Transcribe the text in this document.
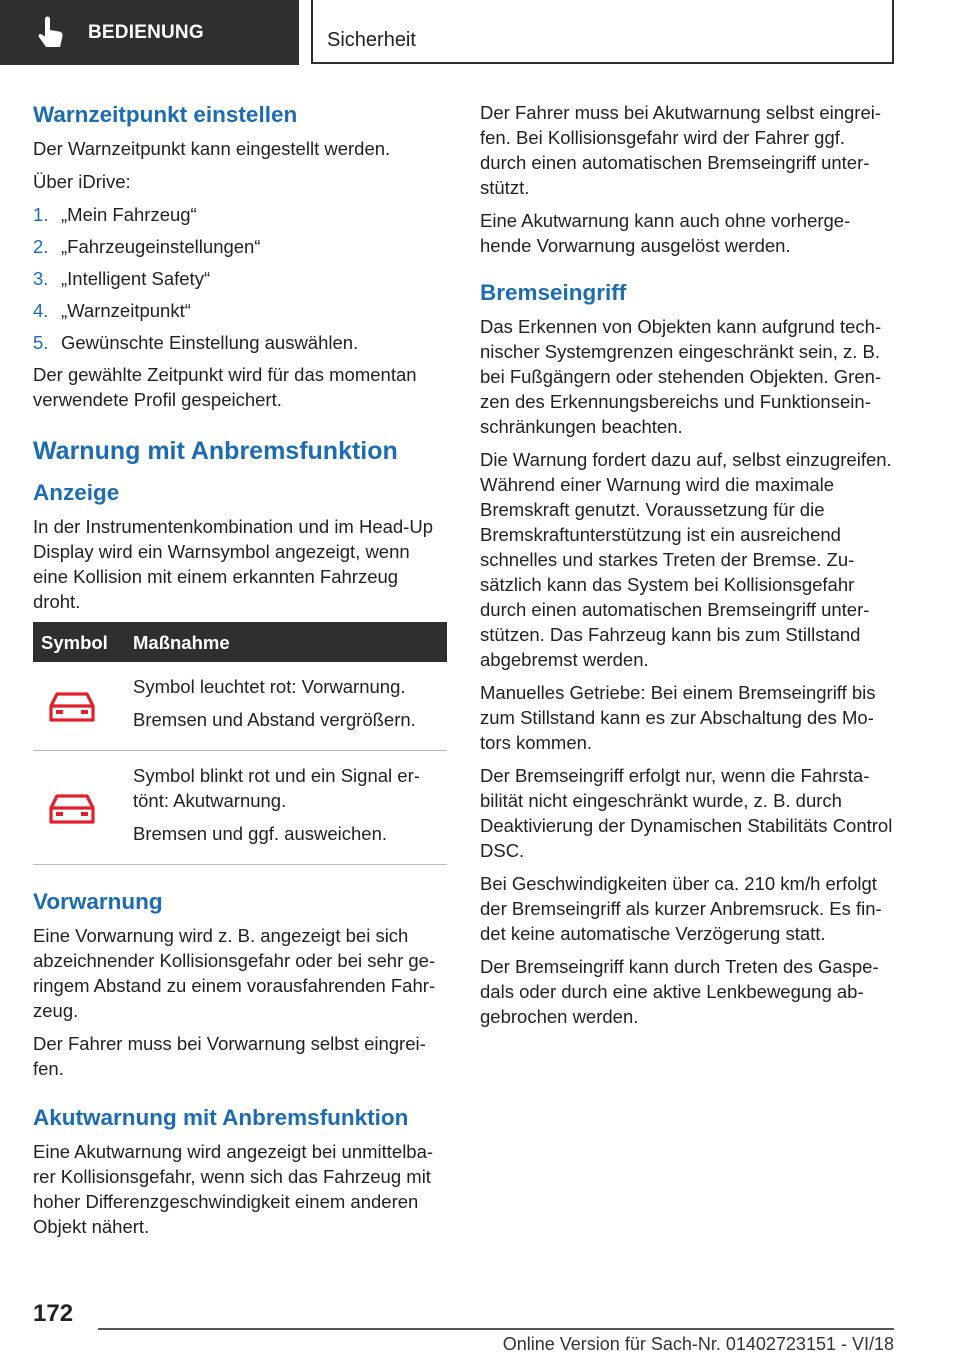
BEDIENUNG	Sicherheit
Warnzeitpunkt einstellen

Der Warnzeitpunkt kann eingestellt werden.

Über iDrive:

1. „Mein Fahrzeug“
2. „Fahrzeugeinstellungen“
3. „Intelligent Safety“
4. „Warnzeitpunkt“
5. Gewünschte Einstellung auswählen.

Der gewählte Zeitpunkt wird für das momentan verwendete Profil gespeichert.

Warnung mit Anbremsfunktion
Anzeige

In der Instrumentenkombination und im Head-Up Display wird ein Warnsymbol angezeigt, wenn eine Kollision mit einem erkannten Fahrzeug droht.

Symbol	Maßnahme

Symbol leuchtet rot: Vorwarnung.

Bremsen und Abstand vergrößern.

Symbol blinkt rot und ein Signal ertönt: Akutwarnung.

Bremsen und ggf. ausweichen.

Vorwarnung

Eine Vorwarnung wird z. B. angezeigt bei sich abzeichnender Kollisionsgefahr oder bei sehr geringem Abstand zu einem vorausfahrenden Fahrzeug.

Der Fahrer muss bei Vorwarnung selbst eingreifen.

Akutwarnung mit Anbremsfunktion

Eine Akutwarnung wird angezeigt bei unmittelbarer Kollisionsgefahr, wenn sich das Fahrzeug mit hoher Differenzgeschwindigkeit einem anderen Objekt nähert.

Der Fahrer muss bei Akutwarnung selbst eingreifen. Bei Kollisionsgefahr wird der Fahrer ggf. durch einen automatischen Bremseingriff unterstützt.

Eine Akutwarnung kann auch ohne vorhergehende Vorwarnung ausgelöst werden.

Bremseingriff

Das Erkennen von Objekten kann aufgrund technischer Systemgrenzen eingeschränkt sein, z. B. bei Fußgängern oder stehenden Objekten. Grenzen des Erkennungsbereichs und Funktionseinschränkungen beachten.

Die Warnung fordert dazu auf, selbst einzugreifen. Während einer Warnung wird die maximale Bremskraft genutzt. Voraussetzung für die Bremskraftunterstützung ist ein ausreichend schnelles und starkes Treten der Bremse. Zusätzlich kann das System bei Kollisionsgefahr durch einen automatischen Bremseingriff unterstützen. Das Fahrzeug kann bis zum Stillstand abgebremst werden.

Manuelles Getriebe: Bei einem Bremseingriff bis zum Stillstand kann es zur Abschaltung des Motors kommen.

Der Bremseingriff erfolgt nur, wenn die Fahrstabilität nicht eingeschränkt wurde, z. B. durch Deaktivierung der Dynamischen Stabilitäts Control DSC.

Bei Geschwindigkeiten über ca. 210 km/h erfolgt der Bremseingriff als kurzer Anbremsruck. Es findet keine automatische Verzögerung statt.

Der Bremseingriff kann durch Treten des Gaspedals oder durch eine aktive Lenkbewegung abgebrochen werden.

172
Online Version für Sach-Nr. 01402723151 - VI/18
